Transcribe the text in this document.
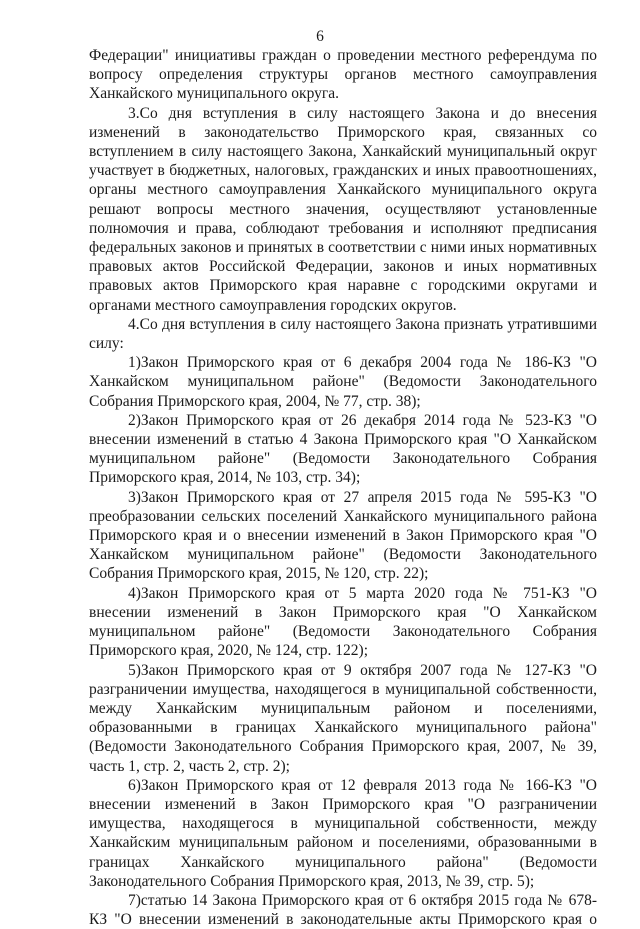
6

Федерации" инициативы граждан о проведении местного референдума по вопросу определения структуры органов местного самоуправления Ханкайского муниципального округа.

3.Со дня вступления в силу настоящего Закона и до внесения изменений в законодательство Приморского края, связанных со вступлением в силу настоящего Закона, Ханкайский муниципальный округ участвует в бюджетных, налоговых, гражданских и иных правоотношениях, органы местного самоуправления Ханкайского муниципального округа решают вопросы местного значения, осуществляют установленные полномочия и права, соблюдают требования и исполняют предписания федеральных законов и принятых в соответствии с ними иных нормативных правовых актов Российской Федерации, законов и иных нормативных правовых актов Приморского края наравне с городскими округами и органами местного самоуправления городских округов.

4.Со дня вступления в силу настоящего Закона признать утратившими силу:

1)Закон Приморского края от 6 декабря 2004 года № 186-КЗ "О Ханкайском муниципальном районе" (Ведомости Законодательного Собрания Приморского края, 2004, № 77, стр. 38);

2)Закон Приморского края от 26 декабря 2014 года № 523-КЗ "О внесении изменений в статью 4 Закона Приморского края "О Ханкайском муниципальном районе" (Ведомости Законодательного Собрания Приморского края, 2014, № 103, стр. 34);

3)Закон Приморского края от 27 апреля 2015 года № 595-КЗ "О преобразовании сельских поселений Ханкайского муниципального района Приморского края и о внесении изменений в Закон Приморского края "О Ханкайском муниципальном районе" (Ведомости Законодательного Собрания Приморского края, 2015, № 120, стр. 22);

4)Закон Приморского края от 5 марта 2020 года № 751-КЗ "О внесении изменений в Закон Приморского края "О Ханкайском муниципальном районе" (Ведомости Законодательного Собрания Приморского края, 2020, № 124, стр. 122);

5)Закон Приморского края от 9 октября 2007 года № 127-КЗ "О разграничении имущества, находящегося в муниципальной собственности, между Ханкайским муниципальным районом и поселениями, образованными в границах Ханкайского муниципального района" (Ведомости Законодательного Собрания Приморского края, 2007, № 39, часть 1, стр. 2, часть 2, стр. 2);

6)Закон Приморского края от 12 февраля 2013 года № 166-КЗ "О внесении изменений в Закон Приморского края "О разграничении имущества, находящегося в муниципальной собственности, между Ханкайским муниципальным районом и поселениями, образованными в границах Ханкайского муниципального района" (Ведомости Законодательного Собрания Приморского края, 2013, № 39, стр. 5);

7)статью 14 Закона Приморского края от 6 октября 2015 года № 678-КЗ "О внесении изменений в законодательные акты Приморского края о
